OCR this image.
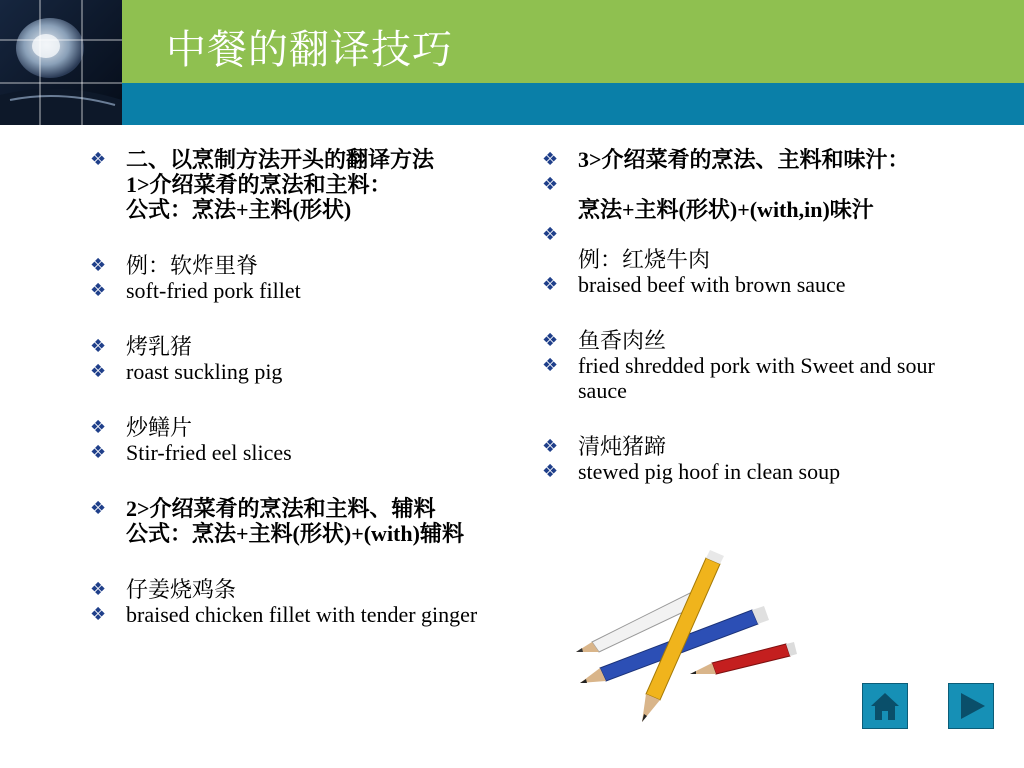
中餐的翻译技巧
❖ 二、以烹制方法开头的翻译方法
1>介绍菜肴的烹法和主料：
公式：烹法+主料(形状)
❖ 例：软炸里脊
❖ soft-fried pork fillet
❖ 烤乳猪
❖ roast suckling pig
❖ 炒鳝片
❖ Stir-fried eel slices
❖ 2>介绍菜肴的烹法和主料、辅料
公式：烹法+主料(形状)+(with)辅料
❖ 仔姜烧鸡条
❖ braised chicken fillet with tender ginger
❖ 3>介绍菜肴的烹法、主料和味汁：
❖

烹法+主料(形状)+(with,in)味汁
❖

例：红烧牛肉
❖ braised beef with brown sauce
❖ 鱼香肉丝
❖ fried shredded pork with Sweet and sour sauce
❖ 清炖猪蹄
❖ stewed pig hoof in clean soup
